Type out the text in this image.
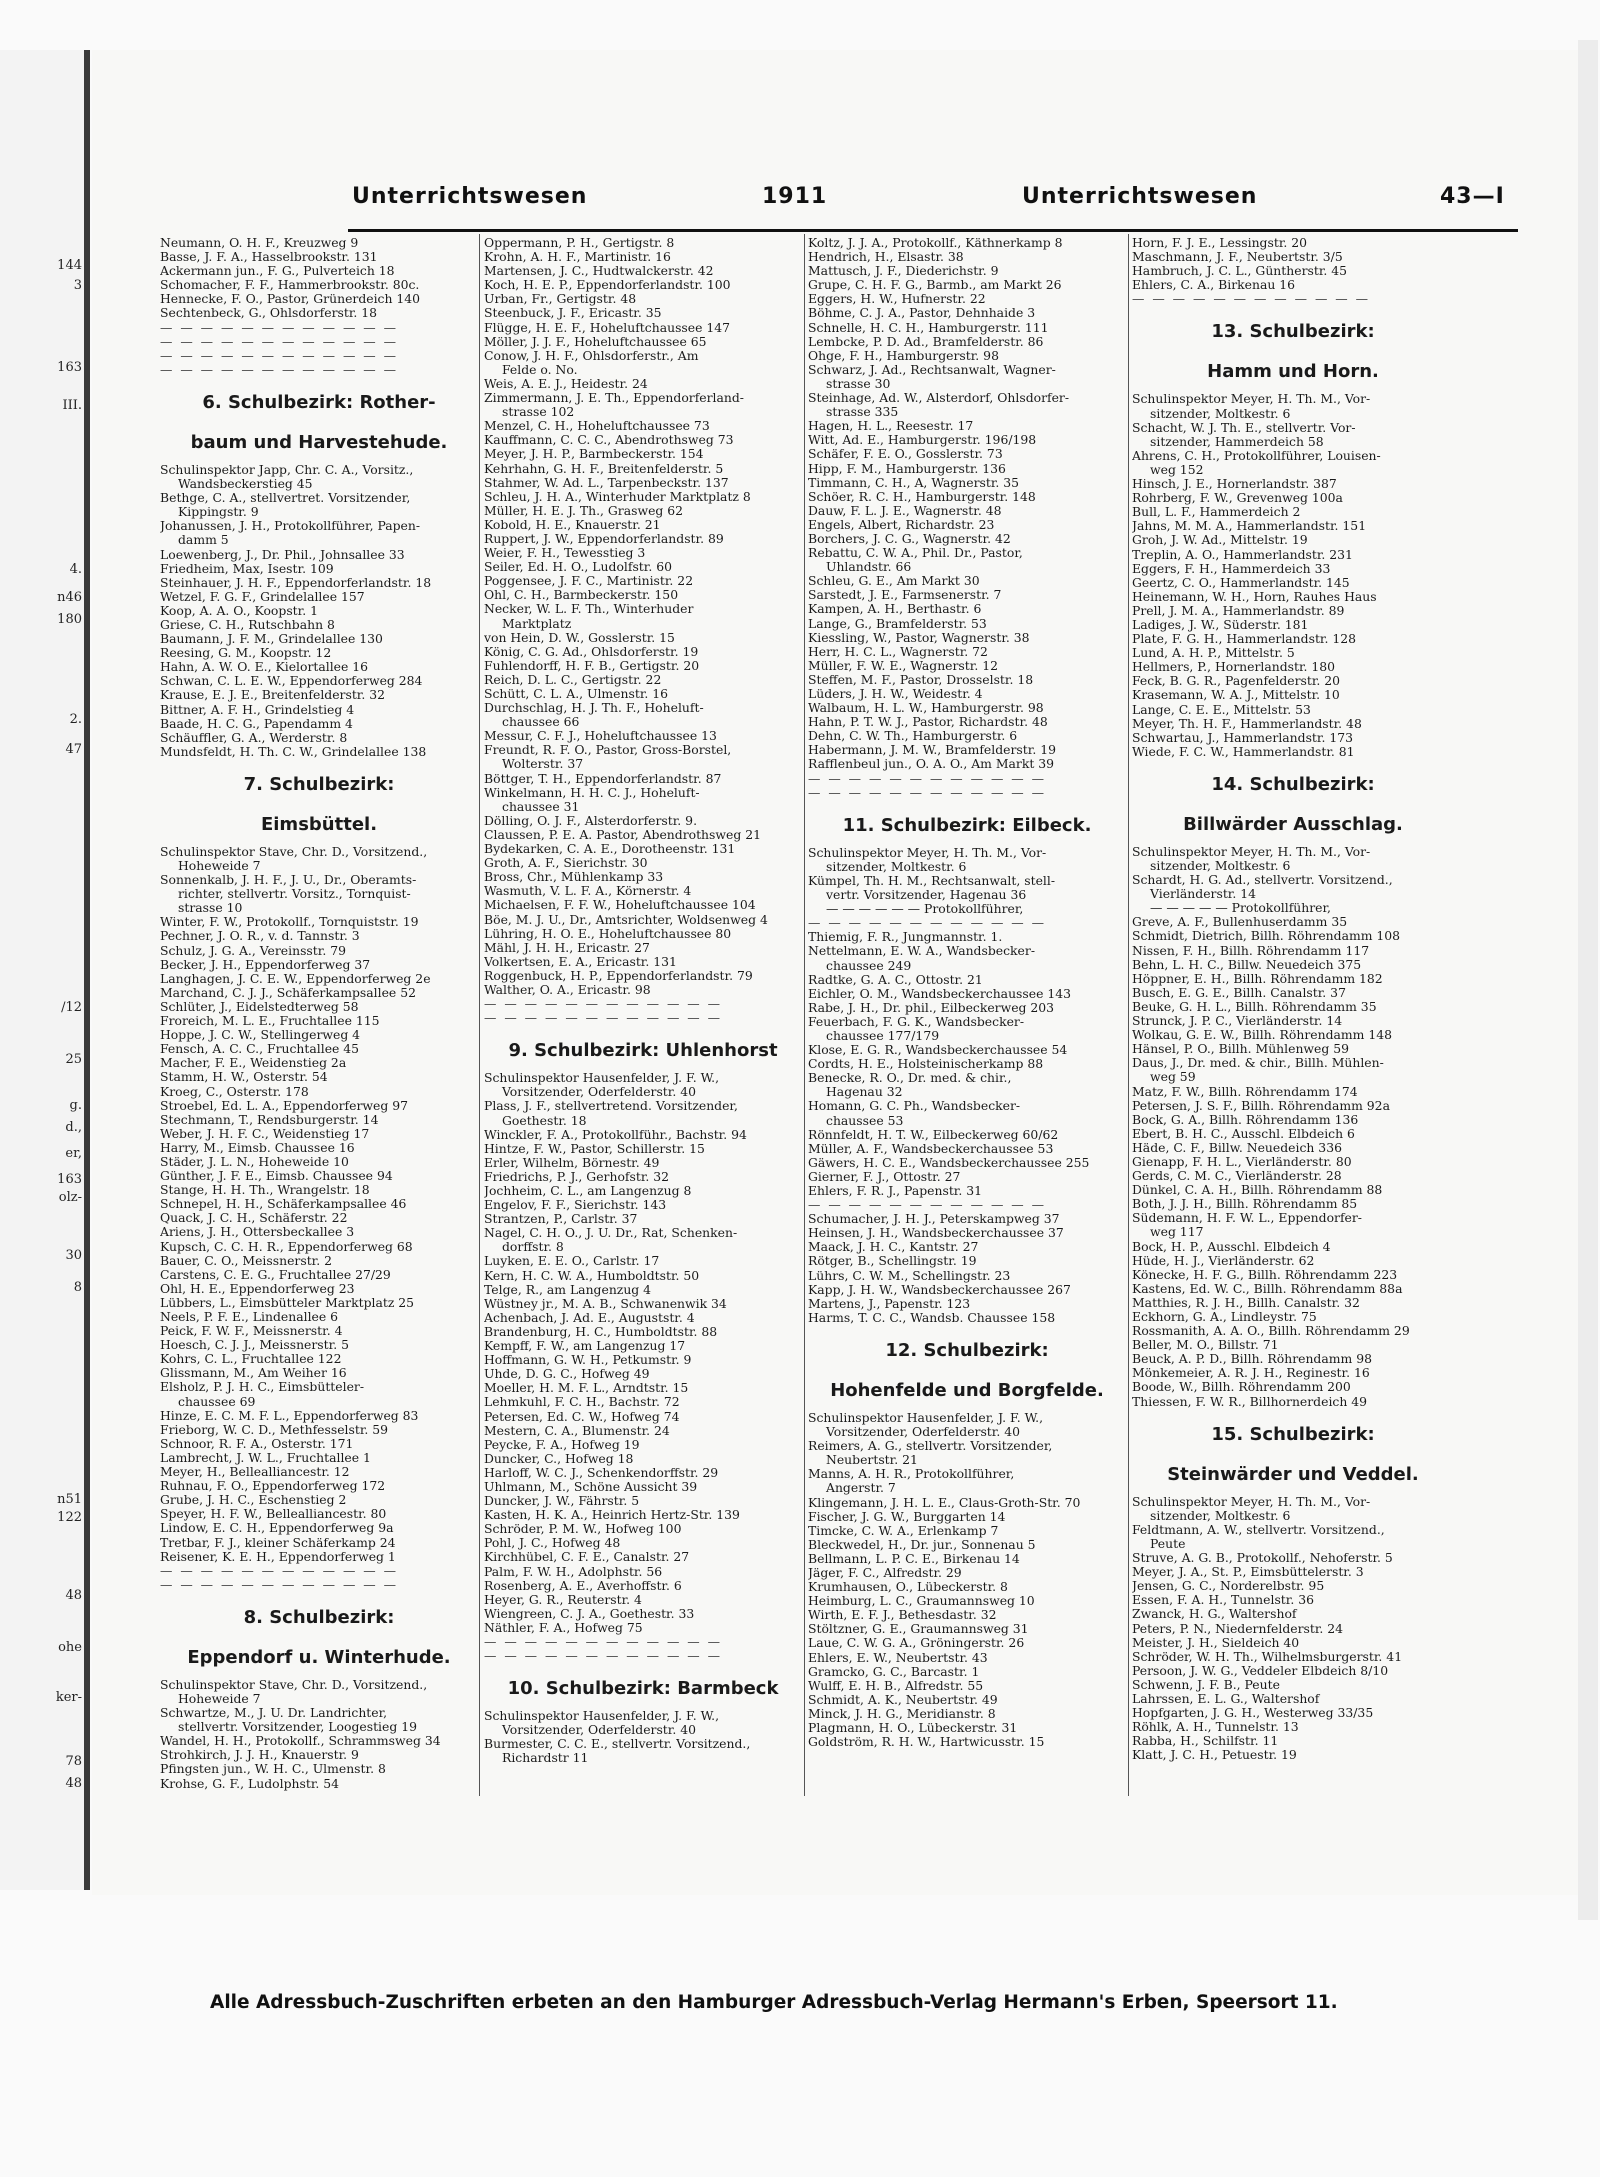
144
3
163
III.
4.
n46
180
2.
47
/12
25
g.
d.,
er,
163
olz-
30
8
n51
122
48
ohe
ker-
78
48
Unterrichtswesen	1911	Unterrichtswesen	43—I
Neumann, O. H. F., Kreuzweg 9
Basse, J. F. A., Hasselbrookstr. 131
Ackermann jun., F. G., Pulverteich 18
Schomacher, F. F., Hammerbrookstr. 80c.
Hennecke, F. O., Pastor, Grünerdeich 140
Sechtenbeck, G., Ohlsdorferstr. 18
— — — — — — — — — — — —
— — — — — — — — — — — —
— — — — — — — — — — — —
— — — — — — — — — — — —
6. Schulbezirk: Rother-
baum und Harvestehude.
Schulinspektor Japp, Chr. C. A., Vorsitz.,
Wandsbeckerstieg 45
Bethge, C. A., stellvertret. Vorsitzender,
Kippingstr. 9
Johanussen, J. H., Protokollführer, Papen-
damm 5
Loewenberg, J., Dr. Phil., Johnsallee 33
Friedheim, Max, Isestr. 109
Steinhauer, J. H. F., Eppendorferlandstr. 18
Wetzel, F. G. F., Grindelallee 157
Koop, A. A. O., Koopstr. 1
Griese, C. H., Rutschbahn 8
Baumann, J. F. M., Grindelallee 130
Reesing, G. M., Koopstr. 12
Hahn, A. W. O. E., Kielortallee 16
Schwan, C. L. E. W., Eppendorferweg 284
Krause, E. J. E., Breitenfelderstr. 32
Bittner, A. F. H., Grindelstieg 4
Baade, H. C. G., Papendamm 4
Schäuffler, G. A., Werderstr. 8
Mundsfeldt, H. Th. C. W., Grindelallee 138
7. Schulbezirk:
Eimsbüttel.
Schulinspektor Stave, Chr. D., Vorsitzend.,
Hoheweide 7
Sonnenkalb, J. H. F., J. U., Dr., Oberamts-
richter, stellvertr. Vorsitz., Tornquist-
strasse 10
Winter, F. W., Protokollf., Tornquiststr. 19
Pechner, J. O. R., v. d. Tannstr. 3
Schulz, J. G. A., Vereinsstr. 79
Becker, J. H., Eppendorferweg 37
Langhagen, J. C. E. W., Eppendorferweg 2e
Marchand, C. J. J., Schäferkampsallee 52
Schlüter, J., Eidelstedterweg 58
Froreich, M. L. E., Fruchtallee 115
Hoppe, J. C. W., Stellingerweg 4
Fensch, A. C. C., Fruchtallee 45
Macher, F. E., Weidenstieg 2a
Stamm, H. W., Osterstr. 54
Kroeg, C., Osterstr. 178
Stroebel, Ed. L. A., Eppendorferweg 97
Stechmann, T., Rendsburgerstr. 14
Weber, J. H. F. C., Weidenstieg 17
Harry, M., Eimsb. Chaussee 16
Städer, J. L. N., Hoheweide 10
Günther, J. F. E., Eimsb. Chaussee 94
Stange, H. H. Th., Wrangelstr. 18
Schnepel, H. H., Schäferkampsallee 46
Quack, J. C. H., Schäferstr. 22
Ariens, J. H., Ottersbeckallee 3
Kupsch, C. C. H. R., Eppendorferweg 68
Bauer, C. O., Meissnerstr. 2
Carstens, C. E. G., Fruchtallee 27/29
Ohl, H. E., Eppendorferweg 23
Lübbers, L., Eimsbütteler Marktplatz 25
Neels, P. F. E., Lindenallee 6
Peick, F. W. F., Meissnerstr. 4
Hoesch, C. J. J., Meissnerstr. 5
Kohrs, C. L., Fruchtallee 122
Glissmann, M., Am Weiher 16
Elsholz, P. J. H. C., Eimsbütteler-
chaussee 69
Hinze, E. C. M. F. L., Eppendorferweg 83
Frieborg, W. C. D., Methfesselstr. 59
Schnoor, R. F. A., Osterstr. 171
Lambrecht, J. W. L., Fruchtallee 1
Meyer, H., Bellealliancestr. 12
Ruhnau, F. O., Eppendorferweg 172
Grube, J. H. C., Eschenstieg 2
Speyer, H. F. W., Bellealliancestr. 80
Lindow, E. C. H., Eppendorferweg 9a
Tretbar, F. J., kleiner Schäferkamp 24
Reisener, K. E. H., Eppendorferweg 1
— — — — — — — — — — — —
— — — — — — — — — — — —
8. Schulbezirk:
Eppendorf u. Winterhude.
Schulinspektor Stave, Chr. D., Vorsitzend.,
Hoheweide 7
Schwartze, M., J. U. Dr. Landrichter,
stellvertr. Vorsitzender, Loogestieg 19
Wandel, H. H., Protokollf., Schrammsweg 34
Strohkirch, J. J. H., Knauerstr. 9
Pfingsten jun., W. H. C., Ulmenstr. 8
Krohse, G. F., Ludolphstr. 54
Oppermann, P. H., Gertigstr. 8
Krohn, A. H. F., Martinistr. 16
Martensen, J. C., Hudtwalckerstr. 42
Koch, H. E. P., Eppendorferlandstr. 100
Urban, Fr., Gertigstr. 48
Steenbuck, J. F., Ericastr. 35
Flügge, H. E. F., Hoheluftchaussee 147
Möller, J. J. F., Hoheluftchaussee 65
Conow, J. H. F., Ohlsdorferstr., Am
Felde o. No.
Weis, A. E. J., Heidestr. 24
Zimmermann, J. E. Th., Eppendorferland-
strasse 102
Menzel, C. H., Hoheluftchaussee 73
Kauffmann, C. C. C., Abendrothsweg 73
Meyer, J. H. P., Barmbeckerstr. 154
Kehrhahn, G. H. F., Breitenfelderstr. 5
Stahmer, W. Ad. L., Tarpenbeckstr. 137
Schleu, J. H. A., Winterhuder Marktplatz 8
Müller, H. E. J. Th., Grasweg 62
Kobold, H. E., Knauerstr. 21
Ruppert, J. W., Eppendorferlandstr. 89
Weier, F. H., Tewesstieg 3
Seiler, Ed. H. O., Ludolfstr. 60
Poggensee, J. F. C., Martinistr. 22
Ohl, C. H., Barmbeckerstr. 150
Necker, W. L. F. Th., Winterhuder
Marktplatz
von Hein, D. W., Gosslerstr. 15
König, C. G. Ad., Ohlsdorferstr. 19
Fuhlendorff, H. F. B., Gertigstr. 20
Reich, D. L. C., Gertigstr. 22
Schütt, C. L. A., Ulmenstr. 16
Durchschlag, H. J. Th. F., Hoheluft-
chaussee 66
Messur, C. F. J., Hoheluftchaussee 13
Freundt, R. F. O., Pastor, Gross-Borstel,
Wolterstr. 37
Böttger, T. H., Eppendorferlandstr. 87
Winkelmann, H. H. C. J., Hoheluft-
chaussee 31
Dölling, O. J. F., Alsterdorferstr. 9.
Claussen, P. E. A. Pastor, Abendrothsweg 21
Bydekarken, C. A. E., Dorotheenstr. 131
Groth, A. F., Sierichstr. 30
Bross, Chr., Mühlenkamp 33
Wasmuth, V. L. F. A., Körnerstr. 4
Michaelsen, F. F. W., Hoheluftchaussee 104
Böe, M. J. U., Dr., Amtsrichter, Woldsenweg 4
Lühring, H. O. E., Hoheluftchaussee 80
Mähl, J. H. H., Ericastr. 27
Volkertsen, E. A., Ericastr. 131
Roggenbuck, H. P., Eppendorferlandstr. 79
Walther, O. A., Ericastr. 98
— — — — — — — — — — — —
— — — — — — — — — — — —
9. Schulbezirk: Uhlenhorst
Schulinspektor Hausenfelder, J. F. W.,
Vorsitzender, Oderfelderstr. 40
Plass, J. F., stellvertretend. Vorsitzender,
Goethestr. 18
Winckler, F. A., Protokollführ., Bachstr. 94
Hintze, F. W., Pastor, Schillerstr. 15
Erler, Wilhelm, Börnestr. 49
Friedrichs, P. J., Gerhofstr. 32
Jochheim, C. L., am Langenzug 8
Engelov, F. F., Sierichstr. 143
Strantzen, P., Carlstr. 37
Nagel, C. H. O., J. U. Dr., Rat, Schenken-
dorffstr. 8
Luyken, E. E. O., Carlstr. 17
Kern, H. C. W. A., Humboldtstr. 50
Telge, R., am Langenzug 4
Wüstney jr., M. A. B., Schwanenwik 34
Achenbach, J. Ad. E., Auguststr. 4
Brandenburg, H. C., Humboldtstr. 88
Kempff, F. W., am Langenzug 17
Hoffmann, G. W. H., Petkumstr. 9
Uhde, D. G. C., Hofweg 49
Moeller, H. M. F. L., Arndtstr. 15
Lehmkuhl, F. C. H., Bachstr. 72
Petersen, Ed. C. W., Hofweg 74
Mestern, C. A., Blumenstr. 24
Peycke, F. A., Hofweg 19
Duncker, C., Hofweg 18
Harloff, W. C. J., Schenkendorffstr. 29
Uhlmann, M., Schöne Aussicht 39
Duncker, J. W., Fährstr. 5
Kasten, H. K. A., Heinrich Hertz-Str. 139
Schröder, P. M. W., Hofweg 100
Pohl, J. C., Hofweg 48
Kirchhübel, C. F. E., Canalstr. 27
Palm, F. W. H., Adolphstr. 56
Rosenberg, A. E., Averhoffstr. 6
Heyer, G. R., Reuterstr. 4
Wiengreen, C. J. A., Goethestr. 33
Näthler, F. A., Hofweg 75
— — — — — — — — — — — —
— — — — — — — — — — — —
10. Schulbezirk: Barmbeck
Schulinspektor Hausenfelder, J. F. W.,
Vorsitzender, Oderfelderstr. 40
Burmester, C. C. E., stellvertr. Vorsitzend.,
Richardstr 11
Koltz, J. J. A., Protokollf., Käthnerkamp 8
Hendrich, H., Elsastr. 38
Mattusch, J. F., Diederichstr. 9
Grupe, C. H. F. G., Barmb., am Markt 26
Eggers, H. W., Hufnerstr. 22
Böhme, C. J. A., Pastor, Dehnhaide 3
Schnelle, H. C. H., Hamburgerstr. 111
Lembcke, P. D. Ad., Bramfelderstr. 86
Ohge, F. H., Hamburgerstr. 98
Schwarz, J. Ad., Rechtsanwalt, Wagner-
strasse 30
Steinhage, Ad. W., Alsterdorf, Ohlsdorfer-
strasse 335
Hagen, H. L., Reesestr. 17
Witt, Ad. E., Hamburgerstr. 196/198
Schäfer, F. E. O., Gosslerstr. 73
Hipp, F. M., Hamburgerstr. 136
Timmann, C. H., A, Wagnerstr. 35
Schöer, R. C. H., Hamburgerstr. 148
Dauw, F. L. J. E., Wagnerstr. 48
Engels, Albert, Richardstr. 23
Borchers, J. C. G., Wagnerstr. 42
Rebattu, C. W. A., Phil. Dr., Pastor,
Uhlandstr. 66
Schleu, G. E., Am Markt 30
Sarstedt, J. E., Farmsenerstr. 7
Kampen, A. H., Berthastr. 6
Lange, G., Bramfelderstr. 53
Kiessling, W., Pastor, Wagnerstr. 38
Herr, H. C. L., Wagnerstr. 72
Müller, F. W. E., Wagnerstr. 12
Steffen, M. F., Pastor, Drosselstr. 18
Lüders, J. H. W., Weidestr. 4
Walbaum, H. L. W., Hamburgerstr. 98
Hahn, P. T. W. J., Pastor, Richardstr. 48
Dehn, C. W. Th., Hamburgerstr. 6
Habermann, J. M. W., Bramfelderstr. 19
Rafflenbeul jun., O. A. O., Am Markt 39
— — — — — — — — — — — —
— — — — — — — — — — — —
11. Schulbezirk: Eilbeck.
Schulinspektor Meyer, H. Th. M., Vor-
sitzender, Moltkestr. 6
Kümpel, Th. H. M., Rechtsanwalt, stell-
vertr. Vorsitzender, Hagenau 36
— — — — — — Protokollführer,
— — — — — — — — — — — —
Thiemig, F. R., Jungmannstr. 1.
Nettelmann, E. W. A., Wandsbecker-
chaussee 249
Radtke, G. A. C., Ottostr. 21
Eichler, O. M., Wandsbeckerchaussee 143
Rabe, J. H., Dr. phil., Eilbeckerweg 203
Feuerbach, F. G. K., Wandsbecker-
chaussee 177/179
Klose, E. G. R., Wandsbeckerchaussee 54
Cordts, H. E., Holsteinischerkamp 88
Benecke, R. O., Dr. med. & chir.,
Hagenau 32
Homann, G. C. Ph., Wandsbecker-
chaussee 53
Rönnfeldt, H. T. W., Eilbeckerweg 60/62
Müller, A. F., Wandsbeckerchaussee 53
Gäwers, H. C. E., Wandsbeckerchaussee 255
Gierner, F. J., Ottostr. 27
Ehlers, F. R. J., Papenstr. 31
— — — — — — — — — — — —
Schumacher, J. H. J., Peterskampweg 37
Heinsen, J. H., Wandsbeckerchaussee 37
Maack, J. H. C., Kantstr. 27
Rötger, B., Schellingstr. 19
Lührs, C. W. M., Schellingstr. 23
Kapp, J. H. W., Wandsbeckerchaussee 267
Martens, J., Papenstr. 123
Harms, T. C. C., Wandsb. Chaussee 158
12. Schulbezirk:
Hohenfelde und Borgfelde.
Schulinspektor Hausenfelder, J. F. W.,
Vorsitzender, Oderfelderstr. 40
Reimers, A. G., stellvertr. Vorsitzender,
Neubertstr. 21
Manns, A. H. R., Protokollführer,
Angerstr. 7
Klingemann, J. H. L. E., Claus-Groth-Str. 70
Fischer, J. G. W., Burggarten 14
Timcke, C. W. A., Erlenkamp 7
Bleckwedel, H., Dr. jur., Sonnenau 5
Bellmann, L. P. C. E., Birkenau 14
Jäger, F. C., Alfredstr. 29
Krumhausen, O., Lübeckerstr. 8
Heimburg, L. C., Graumannsweg 10
Wirth, E. F. J., Bethesdastr. 32
Stöltzner, G. E., Graumannsweg 31
Laue, C. W. G. A., Gröningerstr. 26
Ehlers, E. W., Neubertstr. 43
Gramcko, G. C., Barcastr. 1
Wulff, E. H. B., Alfredstr. 55
Schmidt, A. K., Neubertstr. 49
Minck, J. H. G., Meridianstr. 8
Plagmann, H. O., Lübeckerstr. 31
Goldström, R. H. W., Hartwicusstr. 15
Horn, F. J. E., Lessingstr. 20
Maschmann, J. F., Neubertstr. 3/5
Hambruch, J. C. L., Güntherstr. 45
Ehlers, C. A., Birkenau 16
— — — — — — — — — — — —
13. Schulbezirk:
Hamm und Horn.
Schulinspektor Meyer, H. Th. M., Vor-
sitzender, Moltkestr. 6
Schacht, W. J. Th. E., stellvertr. Vor-
sitzender, Hammerdeich 58
Ahrens, C. H., Protokollführer, Louisen-
weg 152
Hinsch, J. E., Hornerlandstr. 387
Rohrberg, F. W., Grevenweg 100a
Bull, L. F., Hammerdeich 2
Jahns, M. M. A., Hammerlandstr. 151
Groh, J. W. Ad., Mittelstr. 19
Treplin, A. O., Hammerlandstr. 231
Eggers, F. H., Hammerdeich 33
Geertz, C. O., Hammerlandstr. 145
Heinemann, W. H., Horn, Rauhes Haus
Prell, J. M. A., Hammerlandstr. 89
Ladiges, J. W., Süderstr. 181
Plate, F. G. H., Hammerlandstr. 128
Lund, A. H. P., Mittelstr. 5
Hellmers, P., Hornerlandstr. 180
Feck, B. G. R., Pagenfelderstr. 20
Krasemann, W. A. J., Mittelstr. 10
Lange, C. E. E., Mittelstr. 53
Meyer, Th. H. F., Hammerlandstr. 48
Schwartau, J., Hammerlandstr. 173
Wiede, F. C. W., Hammerlandstr. 81
14. Schulbezirk:
Billwärder Ausschlag.
Schulinspektor Meyer, H. Th. M., Vor-
sitzender, Moltkestr. 6
Schardt, H. G. Ad., stellvertr. Vorsitzend.,
Vierländerstr. 14
— — — — — Protokollführer,
Greve, A. F., Bullenhuserdamm 35
Schmidt, Dietrich, Billh. Röhrendamm 108
Nissen, F. H., Billh. Röhrendamm 117
Behn, L. H. C., Billw. Neuedeich 375
Höppner, E. H., Billh. Röhrendamm 182
Busch, E. G. E., Billh. Canalstr. 37
Beuke, G. H. L., Billh. Röhrendamm 35
Strunck, J. P. C., Vierländerstr. 14
Wolkau, G. E. W., Billh. Röhrendamm 148
Hänsel, P. O., Billh. Mühlenweg 59
Daus, J., Dr. med. & chir., Billh. Mühlen-
weg 59
Matz, F. W., Billh. Röhrendamm 174
Petersen, J. S. F., Billh. Röhrendamm 92a
Bock, G. A., Billh. Röhrendamm 136
Ebert, B. H. C., Ausschl. Elbdeich 6
Häde, C. F., Billw. Neuedeich 336
Gienapp, F. H. L., Vierländerstr. 80
Gerds, C. M. C., Vierländerstr. 28
Dünkel, C. A. H., Billh. Röhrendamm 88
Both, J. J. H., Billh. Röhrendamm 85
Südemann, H. F. W. L., Eppendorfer-
weg 117
Bock, H. P., Ausschl. Elbdeich 4
Hüde, H. J., Vierländerstr. 62
Könecke, H. F. G., Billh. Röhrendamm 223
Kastens, Ed. W. C., Billh. Röhrendamm 88a
Matthies, R. J. H., Billh. Canalstr. 32
Eckhorn, G. A., Lindleystr. 75
Rossmanith, A. A. O., Billh. Röhrendamm 29
Beller, M. O., Billstr. 71
Beuck, A. P. D., Billh. Röhrendamm 98
Mönkemeier, A. R. J. H., Reginestr. 16
Boode, W., Billh. Röhrendamm 200
Thiessen, F. W. R., Billhornerdeich 49
15. Schulbezirk:
Steinwärder und Veddel.
Schulinspektor Meyer, H. Th. M., Vor-
sitzender, Moltkestr. 6
Feldtmann, A. W., stellvertr. Vorsitzend.,
Peute
Struve, A. G. B., Protokollf., Nehoferstr. 5
Meyer, J. A., St. P., Eimsbüttelerstr. 3
Jensen, G. C., Norderelbstr. 95
Essen, F. A. H., Tunnelstr. 36
Zwanck, H. G., Waltershof
Peters, P. N., Niedernfelderstr. 24
Meister, J. H., Sieldeich 40
Schröder, W. H. Th., Wilhelmsburgerstr. 41
Persoon, J. W. G., Veddeler Elbdeich 8/10
Schwenn, J. F. B., Peute
Lahrssen, E. L. G., Waltershof
Hopfgarten, J. G. H., Westerweg 33/35
Röhlk, A. H., Tunnelstr. 13
Rabba, H., Schilfstr. 11
Klatt, J. C. H., Petuestr. 19
Alle Adressbuch-Zuschriften erbeten an den Hamburger Adressbuch-Verlag Hermann's Erben, Speersort 11.
